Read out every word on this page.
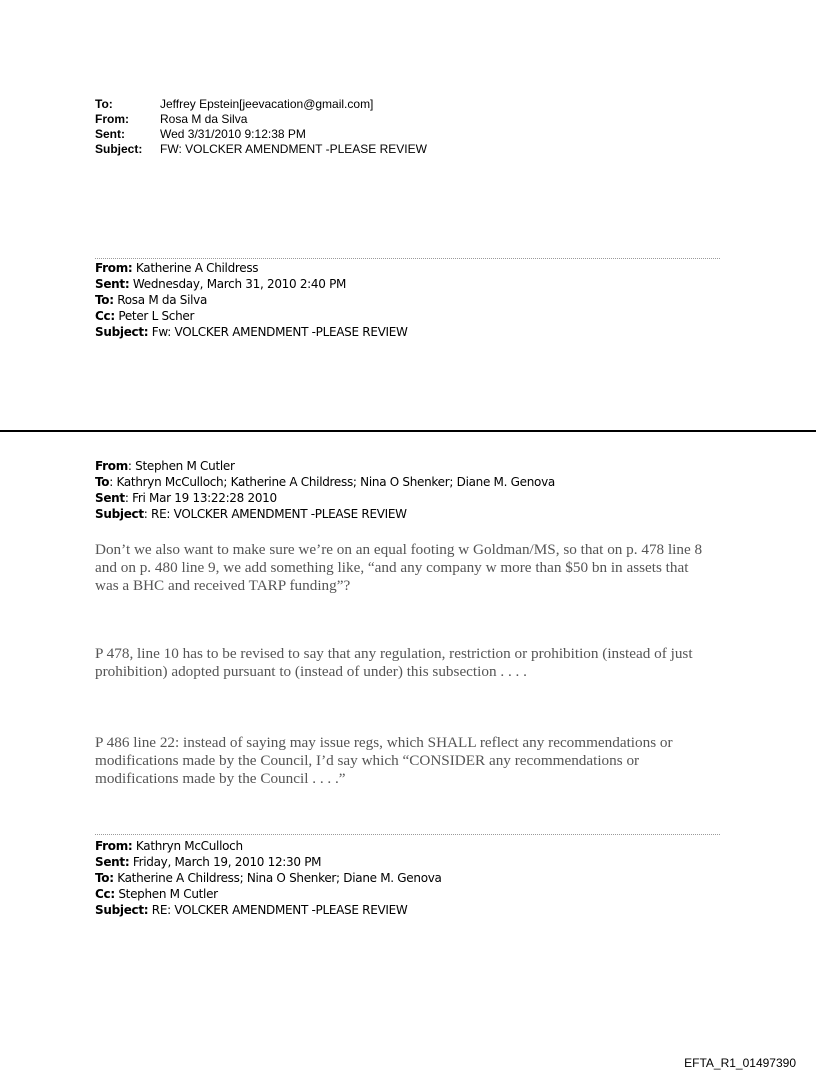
To:	Jeffrey Epstein[jeevacation@gmail.com]
From:	Rosa M da Silva
Sent:	Wed 3/31/2010 9:12:38 PM
Subject:	FW: VOLCKER AMENDMENT -PLEASE REVIEW
From: Katherine A Childress
Sent: Wednesday, March 31, 2010 2:40 PM
To: Rosa M da Silva
Cc: Peter L Scher
Subject: Fw: VOLCKER AMENDMENT -PLEASE REVIEW
From: Stephen M Cutler
To: Kathryn McCulloch; Katherine A Childress; Nina O Shenker; Diane M. Genova
Sent: Fri Mar 19 13:22:28 2010
Subject: RE: VOLCKER AMENDMENT -PLEASE REVIEW
Don’t we also want to make sure we’re on an equal footing w Goldman/MS, so that on p. 478 line 8 and on p. 480 line 9, we add something like, “and any company w more than $50 bn in assets that was a BHC and received TARP funding”?
P 478, line 10 has to be revised to say that any regulation, restriction or prohibition (instead of just prohibition) adopted pursuant to (instead of under) this subsection . . . .
P 486 line 22: instead of saying may issue regs, which SHALL reflect any recommendations or modifications made by the Council, I’d say which “CONSIDER any recommendations or modifications made by the Council . . . .”
From: Kathryn McCulloch
Sent: Friday, March 19, 2010 12:30 PM
To: Katherine A Childress; Nina O Shenker; Diane M. Genova
Cc: Stephen M Cutler
Subject: RE: VOLCKER AMENDMENT -PLEASE REVIEW
EFTA_R1_01497390
